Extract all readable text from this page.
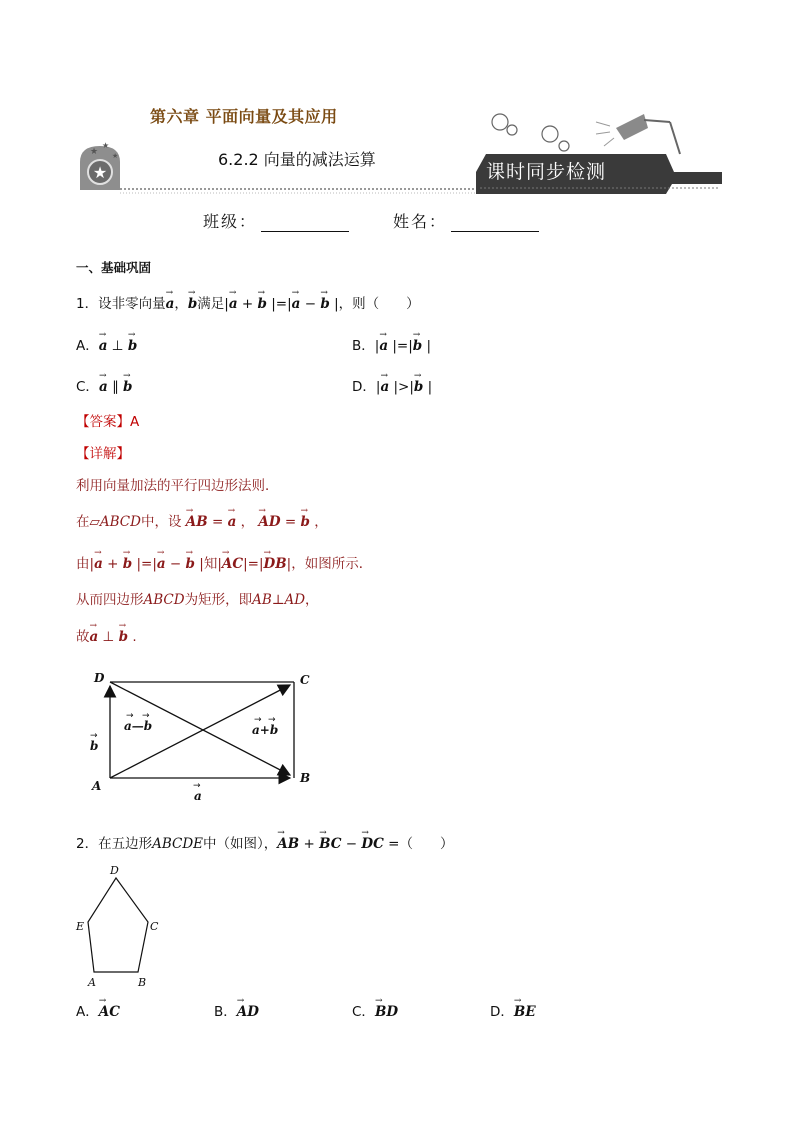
★
★
★
★
第六章 平面向量及其应用
6.2.2 向量的减法运算
课时同步检测
班级：	姓名：
一、基础巩固
1．设非零向量→ a，→ b满足|→ a + → b |=|→ a − → b |，则（　　）
A．→ a ⊥ → b	B．|→ a |=|→ b |
C．→ a ∥ → b	D．|→ a |>|→ b |
【答案】A
【详解】
利用向量加法的平行四边形法则．
在▱ABCD中，设 → AB = → a ， → AD = → b ，
由|→ a + → b |=|→ a − → b |知|→ AC|=|→ DB|，如图所示．
从而四边形ABCD为矩形，即AB⊥AD，
故→ a ⊥ → b .
D	C
A
B
a
b
a—b	a+b
→
→
→ →	→ →
2．在五边形ABCDE中（如图），→ AB + → BC − → DC =（　　）
D
C
E
A	B
A．→ AC	B．→ AD	C．→ BD	D．→ BE
